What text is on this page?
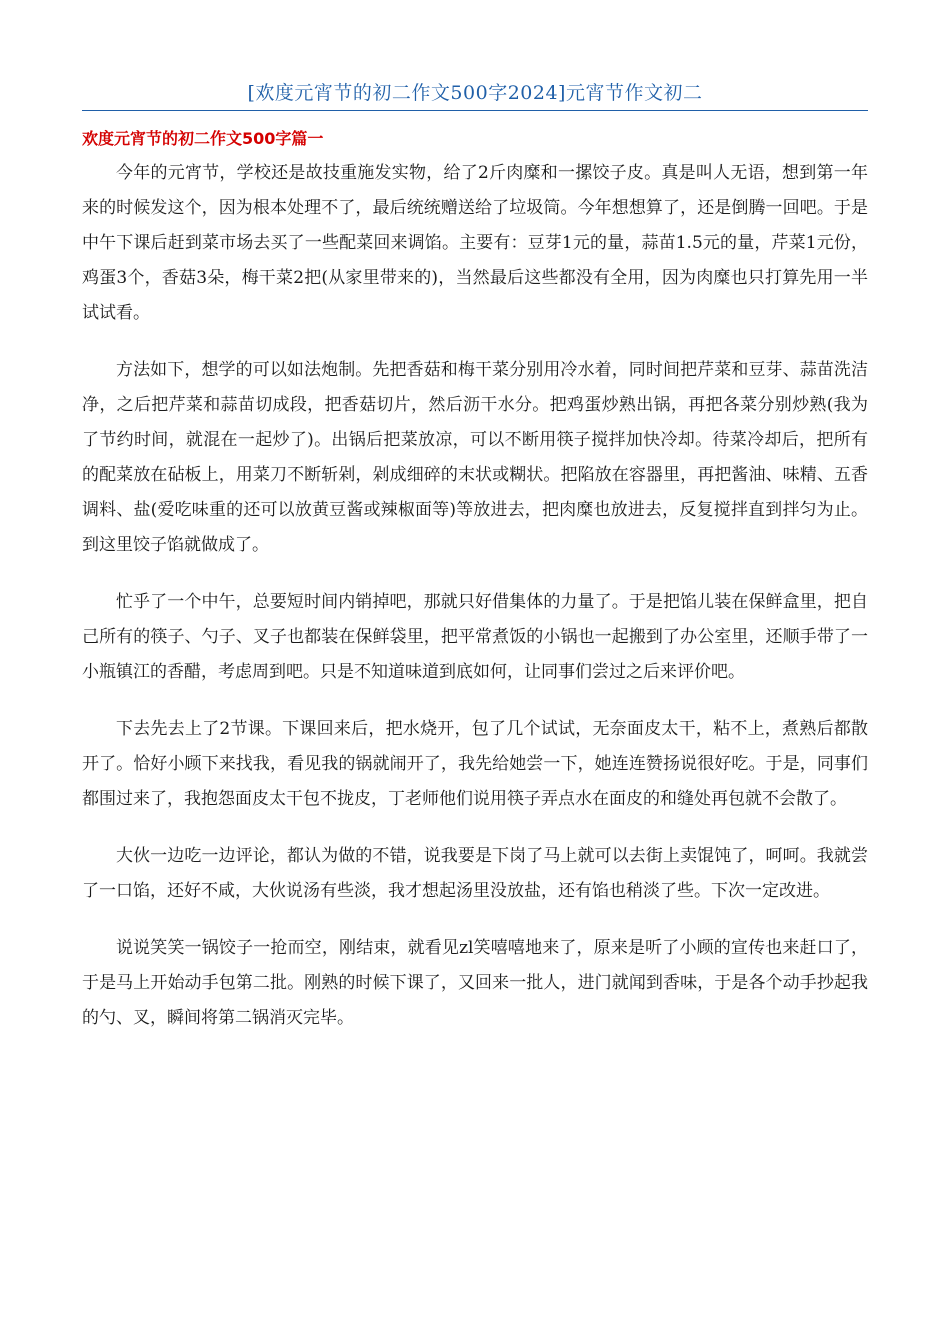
[欢度元宵节的初二作文500字2024]元宵节作文初二
欢度元宵节的初二作文500字篇一

今年的元宵节，学校还是故技重施发实物，给了2斤肉糜和一摞饺子皮。真是叫人无语，想到第一年来的时候发这个，因为根本处理不了，最后统统赠送给了垃圾筒。今年想想算了，还是倒腾一回吧。于是中午下课后赶到菜市场去买了一些配菜回来调馅。主要有：豆芽1元的量，蒜苗1.5元的量，芹菜1元份，鸡蛋3个，香菇3朵，梅干菜2把(从家里带来的)，当然最后这些都没有全用，因为肉糜也只打算先用一半试试看。

方法如下，想学的可以如法炮制。先把香菇和梅干菜分别用冷水着，同时间把芹菜和豆芽、蒜苗洗洁净，之后把芹菜和蒜苗切成段，把香菇切片，然后沥干水分。把鸡蛋炒熟出锅，再把各菜分别炒熟(我为了节约时间，就混在一起炒了)。出锅后把菜放凉，可以不断用筷子搅拌加快冷却。待菜冷却后，把所有的配菜放在砧板上，用菜刀不断斩剁，剁成细碎的末状或糊状。把陷放在容器里，再把酱油、味精、五香调料、盐(爱吃味重的还可以放黄豆酱或辣椒面等)等放进去，把肉糜也放进去，反复搅拌直到拌匀为止。到这里饺子馅就做成了。

忙乎了一个中午，总要短时间内销掉吧，那就只好借集体的力量了。于是把馅儿装在保鲜盒里，把自己所有的筷子、勺子、叉子也都装在保鲜袋里，把平常煮饭的小锅也一起搬到了办公室里，还顺手带了一小瓶镇江的香醋，考虑周到吧。只是不知道味道到底如何，让同事们尝过之后来评价吧。

下去先去上了2节课。下课回来后，把水烧开，包了几个试试，无奈面皮太干，粘不上，煮熟后都散开了。恰好小顾下来找我，看见我的锅就闹开了，我先给她尝一下，她连连赞扬说很好吃。于是，同事们都围过来了，我抱怨面皮太干包不拢皮，丁老师他们说用筷子弄点水在面皮的和缝处再包就不会散了。

大伙一边吃一边评论，都认为做的不错，说我要是下岗了马上就可以去街上卖馄饨了，呵呵。我就尝了一口馅，还好不咸，大伙说汤有些淡，我才想起汤里没放盐，还有馅也稍淡了些。下次一定改进。

说说笑笑一锅饺子一抢而空，刚结束，就看见zl笑嘻嘻地来了，原来是听了小顾的宣传也来赶口了，于是马上开始动手包第二批。刚熟的时候下课了，又回来一批人，进门就闻到香味，于是各个动手抄起我的勺、叉，瞬间将第二锅消灭完毕。
